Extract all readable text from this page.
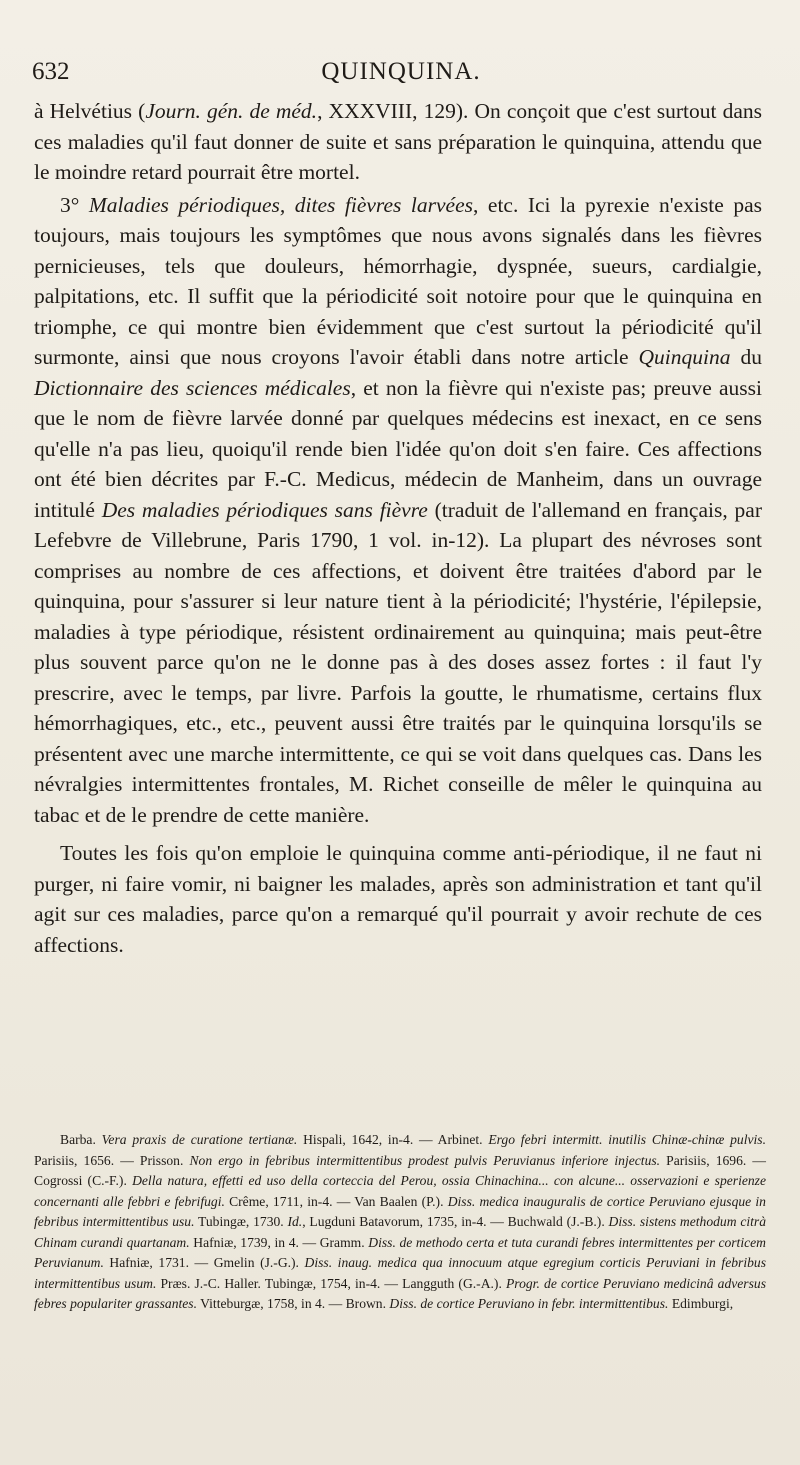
632	QUINQUINA.

à Helvétius (Journ. gén. de méd., XXXVIII, 129). On conçoit que c'est surtout dans ces maladies qu'il faut donner de suite et sans préparation le quinquina, attendu que le moindre retard pourrait être mortel.

3° Maladies périodiques, dites fièvres larvées, etc. Ici la pyrexie n'existe pas toujours, mais toujours les symptômes que nous avons signalés dans les fièvres pernicieuses, tels que douleurs, hémorrhagie, dyspnée, sueurs, cardialgie, palpitations, etc. Il suffit que la périodicité soit notoire pour que le quinquina en triomphe, ce qui montre bien évidemment que c'est surtout la périodicité qu'il surmonte, ainsi que nous croyons l'avoir établi dans notre article Quinquina du Dictionnaire des sciences médicales, et non la fièvre qui n'existe pas; preuve aussi que le nom de fièvre larvée donné par quelques médecins est inexact, en ce sens qu'elle n'a pas lieu, quoiqu'il rende bien l'idée qu'on doit s'en faire. Ces affections ont été bien décrites par F.-C. Medicus, médecin de Manheim, dans un ouvrage intitulé Des maladies périodiques sans fièvre (traduit de l'allemand en français, par Lefebvre de Villebrune, Paris 1790, 1 vol. in-12). La plupart des névroses sont comprises au nombre de ces affections, et doivent être traitées d'abord par le quinquina, pour s'assurer si leur nature tient à la périodicité; l'hystérie, l'épilepsie, maladies à type périodique, résistent ordinairement au quinquina; mais peut-être plus souvent parce qu'on ne le donne pas à des doses assez fortes : il faut l'y prescrire, avec le temps, par livre. Parfois la goutte, le rhumatisme, certains flux hémorrhagiques, etc., etc., peuvent aussi être traités par le quinquina lorsqu'ils se présentent avec une marche intermittente, ce qui se voit dans quelques cas. Dans les névralgies intermittentes frontales, M. Richet conseille de mêler le quinquina au tabac et de le prendre de cette manière.

Toutes les fois qu'on emploie le quinquina comme anti-périodique, il ne faut ni purger, ni faire vomir, ni baigner les malades, après son administration et tant qu'il agit sur ces maladies, parce qu'on a remarqué qu'il pourrait y avoir rechute de ces affections.

Barba. Vera praxis de curatione tertianæ. Hispali, 1642, in-4. — Arbinet. Ergo febri intermitt. inutilis Chinæ-chinæ pulvis. Parisiis, 1656. — Prisson. Non ergo in febribus intermittentibus prodest pulvis Peruvianus inferiore injectus. Parisiis, 1696. — Cogrossi (C.-F.). Della natura, effetti ed uso della corteccia del Perou, ossia Chinachina... con alcune... osservazioni e sperienze concernanti alle febbri e febrifugi. Crême, 1711, in-4. — Van Baalen (P.). Diss. medica inauguralis de cortice Peruviano ejusque in febribus intermittentibus usu. Tubingæ, 1730. Id., Lugduni Batavorum, 1735, in-4. — Buchwald (J.-B.). Diss. sistens methodum citrà Chinam curandi quartanam. Hafniæ, 1739, in 4. — Gramm. Diss. de methodo certa et tuta curandi febres intermittentes per corticem Peruvianum. Hafniæ, 1731. — Gmelin (J.-G.). Diss. inaug. medica qua innocuum atque egregium corticis Peruviani in febribus intermittentibus usum. Præs. J.-C. Haller. Tubingæ, 1754, in-4. — Langguth (G.-A.). Progr. de cortice Peruviano medicinâ adversus febres populariter grassantes. Vitteburgæ, 1758, in 4. — Brown. Diss. de cortice Peruviano in febr. intermittentibus. Edimburgi,
